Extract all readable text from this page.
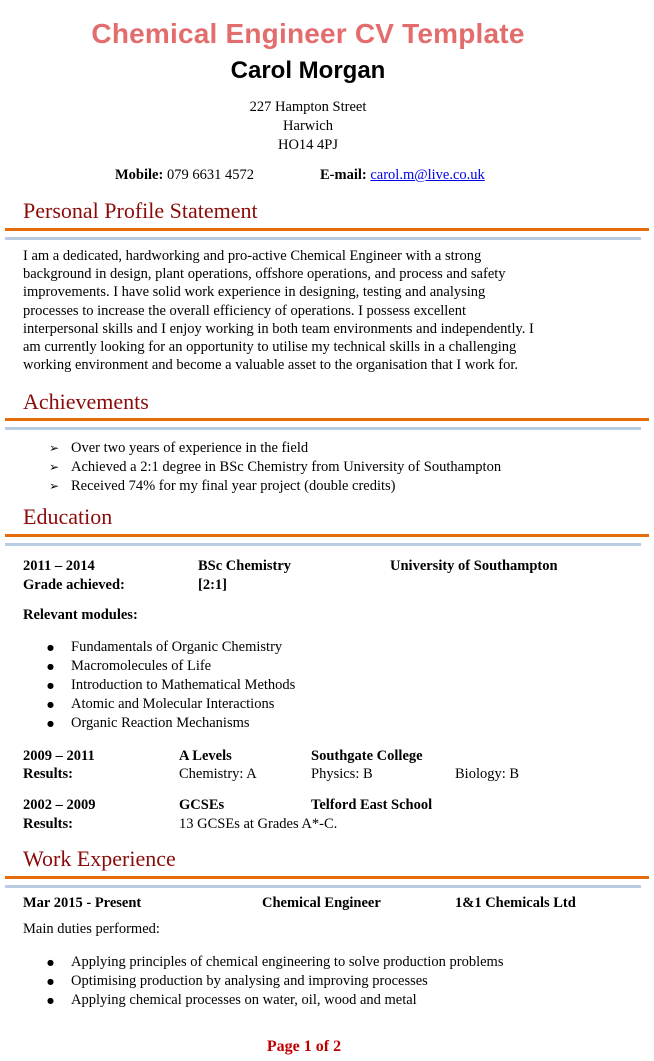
Chemical Engineer CV Template
Carol Morgan
227 Hampton Street
Harwich
HO14 4PJ
Mobile: 079 6631 4572	E-mail: carol.m@live.co.uk
Personal Profile Statement
I am a dedicated, hardworking and pro-active Chemical Engineer with a strong
background in design, plant operations, offshore operations, and process and safety
improvements. I have solid work experience in designing, testing and analysing
processes to increase the overall efficiency of operations. I possess excellent
interpersonal skills and I enjoy working in both team environments and independently. I
am currently looking for an opportunity to utilise my technical skills in a challenging
working environment and become a valuable asset to the organisation that I work for.
Achievements
➢ Over two years of experience in the field
➢ Achieved a 2:1 degree in BSc Chemistry from University of Southampton
➢ Received 74% for my final year project (double credits)
Education
2011 – 2014	BSc Chemistry	University of Southampton
Grade achieved:	[2:1]
Relevant modules:
● Fundamentals of Organic Chemistry
● Macromolecules of Life
● Introduction to Mathematical Methods
● Atomic and Molecular Interactions
● Organic Reaction Mechanisms
2009 – 2011	A Levels	Southgate College
Results:	Chemistry: A	Physics: B	Biology: B
2002 – 2009	GCSEs	Telford East School
Results:	13 GCSEs at Grades A*-C.
Work Experience
Mar 2015 - Present	Chemical Engineer	1&1 Chemicals Ltd
Main duties performed:
● Applying principles of chemical engineering to solve production problems
● Optimising production by analysing and improving processes
● Applying chemical processes on water, oil, wood and metal
Page 1 of 2
